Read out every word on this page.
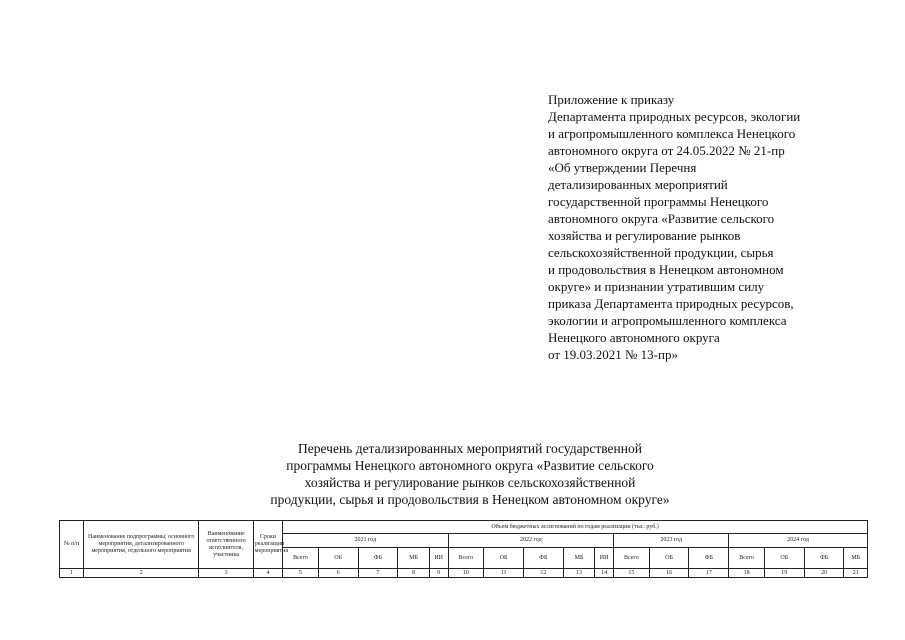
Приложение к приказу
Департамента природных ресурсов, экологии
и агропромышленного комплекса Ненецкого
автономного округа от 24.05.2022 № 21-пр
«Об утверждении Перечня
детализированных мероприятий
государственной программы Ненецкого
автономного округа «Развитие сельского
хозяйства и регулирование рынков
сельскохозяйственной продукции, сырья
и продовольствия в Ненецком автономном
округе» и признании утратившим силу
приказа Департамента природных ресурсов,
экологии и агропромышленного комплекса
Ненецкого автономного округа
от 19.03.2021 № 13-пр»
Перечень детализированных мероприятий государственной
программы Ненецкого автономного округа «Развитие сельского
хозяйства и регулирование рынков сельскохозяйственной
продукции, сырья и продовольствия в Ненецком автономном округе»
№ п/п	Наименование подпрограммы, основного мероприятия, детализированного мероприятия, отдельного мероприятия	Наименование ответственного исполнителя, участника	Сроки реализации мероприятия	Объем бюджетных ассигнований по годам реализации (тыс. руб.)																
				2021 год					2022 год					2023 год			2024 год			
				Всего	ОБ	ФБ	МБ	ИИ	Всего	ОБ	ФБ	МБ	ИИ	Всего	ОБ	ФБ	Всего	ОБ	ФБ	МБ
1	2	3	4	5	6	7	8	9	10	11	12	13	14	15	16	17	18	19	20	21
